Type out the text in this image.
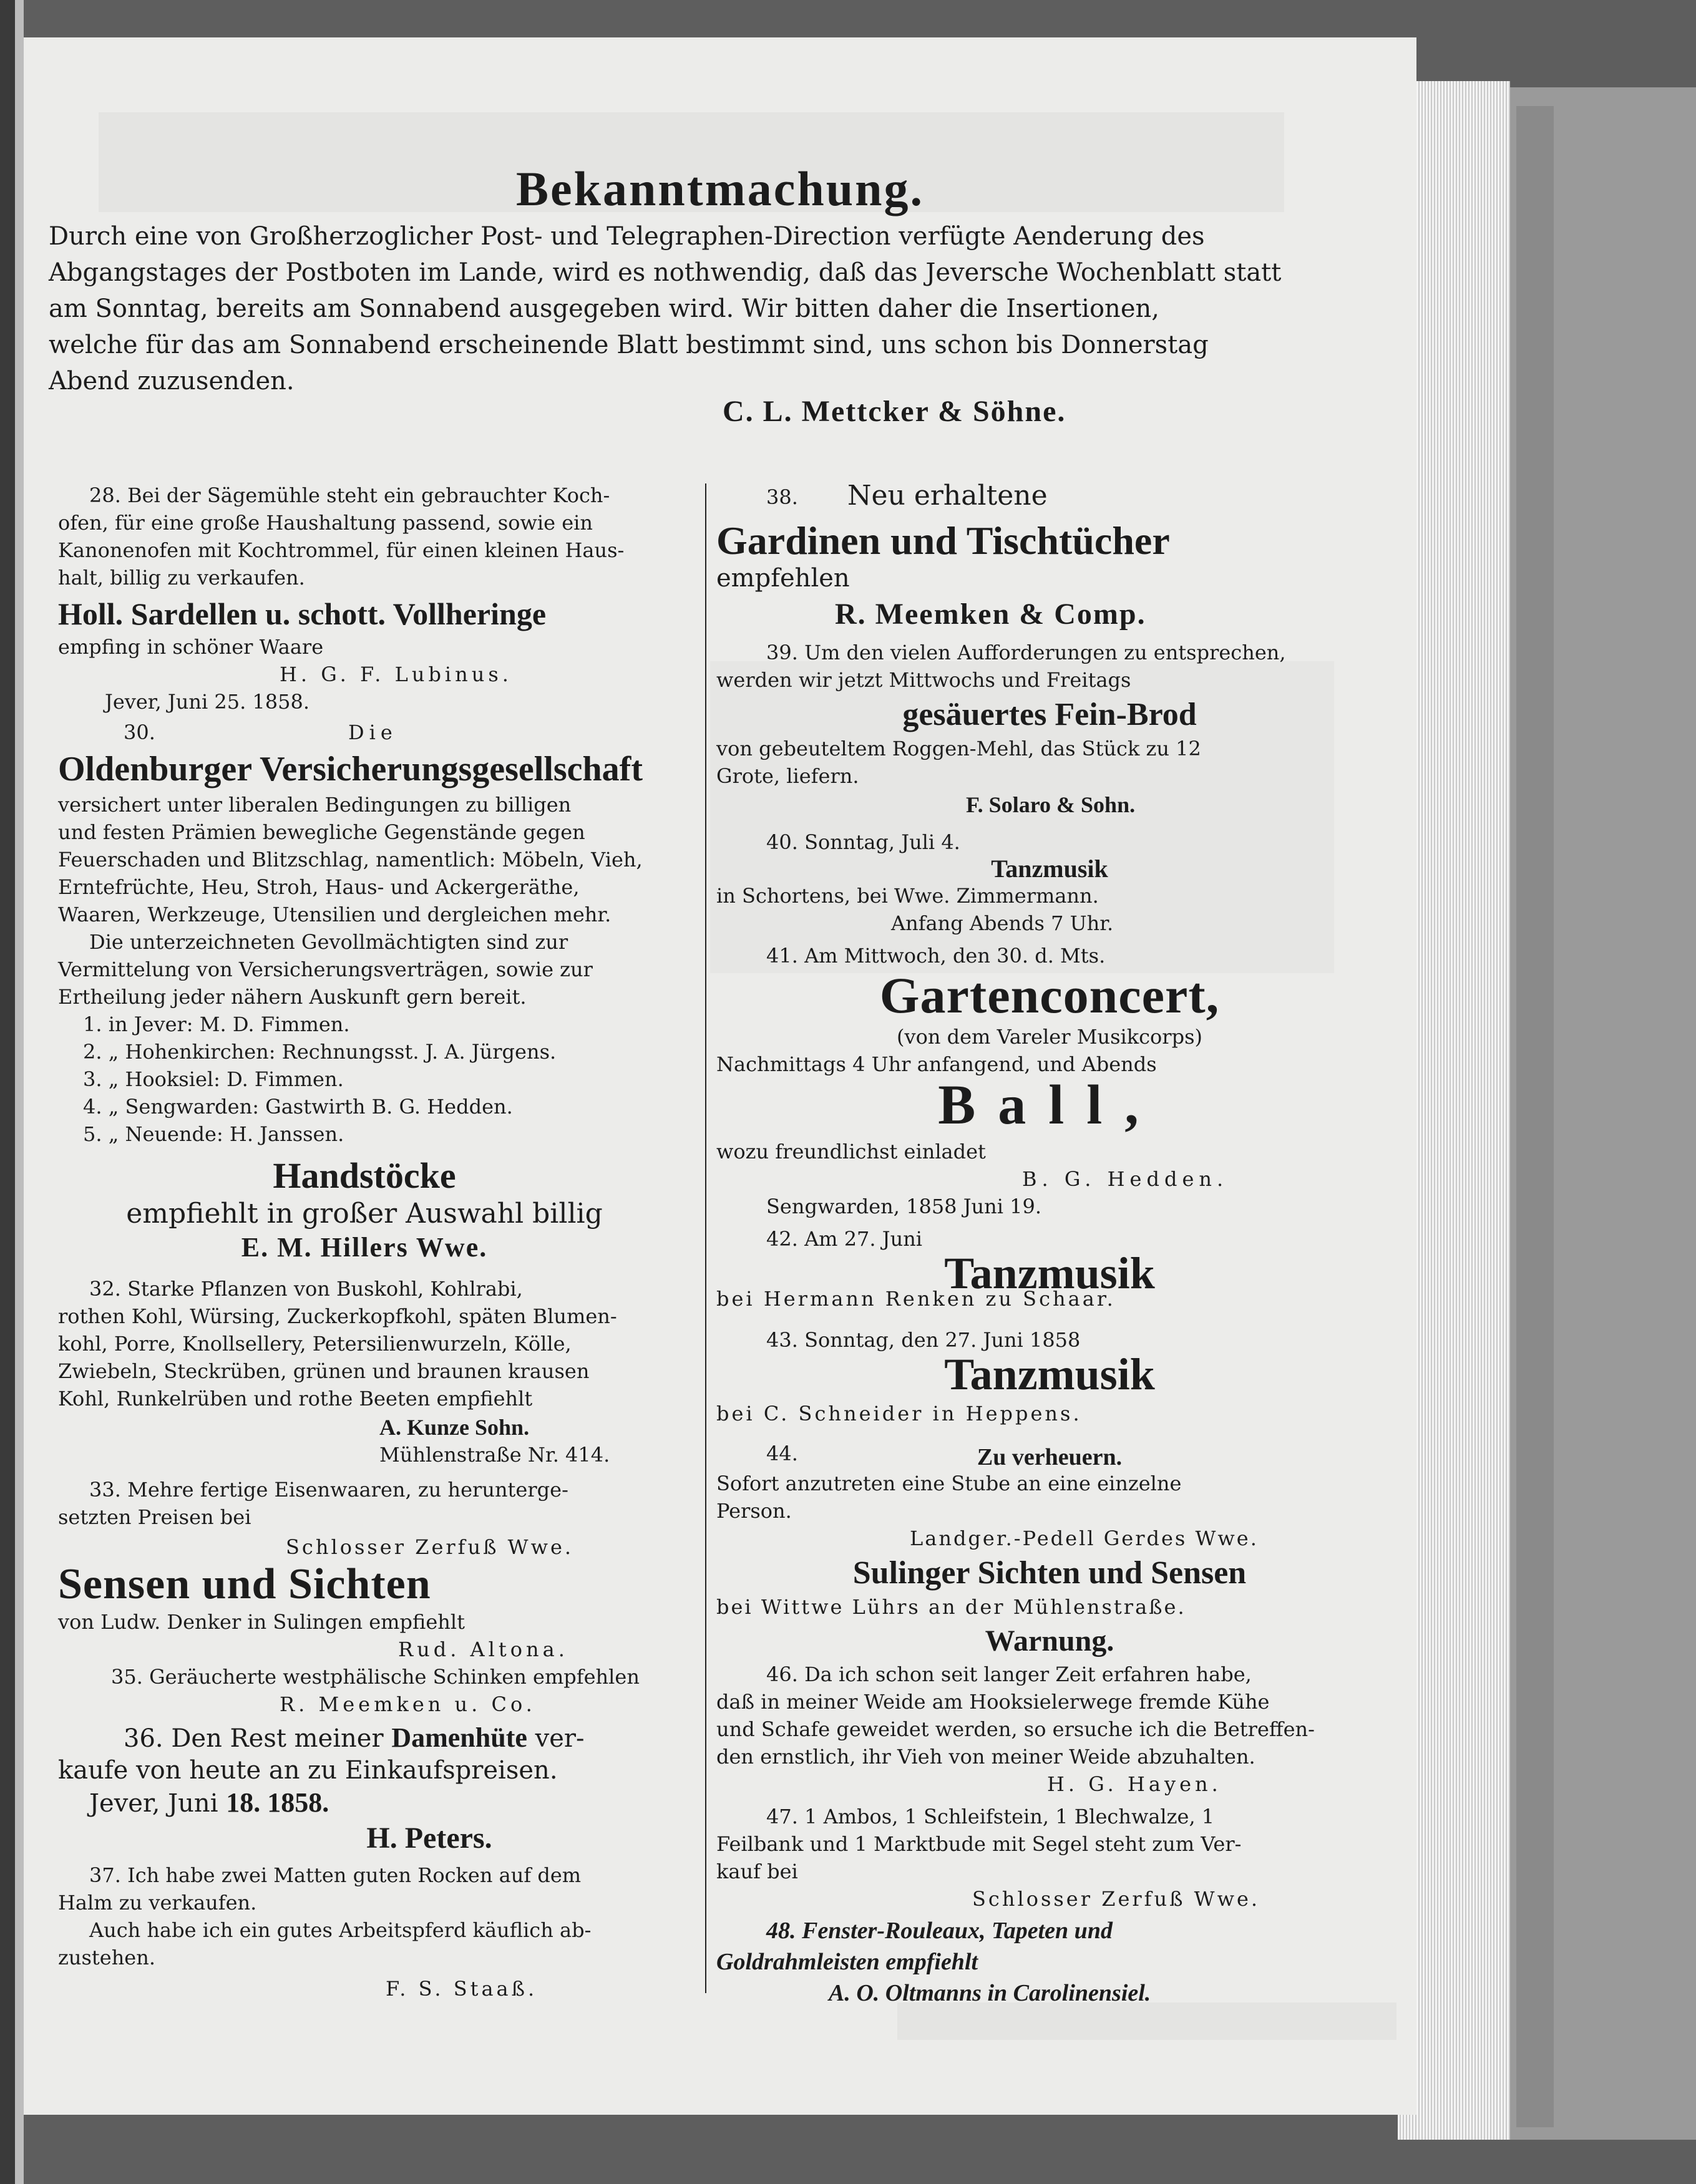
Bekanntmachung.
Durch eine von Großherzoglicher Post- und Telegraphen-Direction verfügte Aenderung des
Abgangstages der Postboten im Lande, wird es nothwendig, daß das Jeversche Wochenblatt statt
am Sonntag, bereits am Sonnabend ausgegeben wird. Wir bitten daher die Insertionen,
welche für das am Sonnabend erscheinende Blatt bestimmt sind, uns schon bis Donnerstag
Abend zuzusenden.
C. L. Mettcker & Söhne.
28. Bei der Sägemühle steht ein gebrauchter Koch-
ofen, für eine große Haushaltung passend, sowie ein
Kanonenofen mit Kochtrommel, für einen kleinen Haus-
halt, billig zu verkaufen.
Holl. Sardellen u. schott. Vollheringe
empfing in schöner Waare
H. G. F. Lubinus.
Jever, Juni 25. 1858.
30.	Die
Oldenburger Versicherungsgesellschaft
versichert unter liberalen Bedingungen zu billigen
und festen Prämien bewegliche Gegenstände gegen
Feuerschaden und Blitzschlag, namentlich: Möbeln, Vieh,
Erntefrüchte, Heu, Stroh, Haus- und Ackergeräthe,
Waaren, Werkzeuge, Utensilien und dergleichen mehr.
Die unterzeichneten Gevollmächtigten sind zur
Vermittelung von Versicherungsverträgen, sowie zur
Ertheilung jeder nähern Auskunft gern bereit.
1. in Jever: M. D. Fimmen.
2. „ Hohenkirchen: Rechnungsst. J. A. Jürgens.
3. „ Hooksiel: D. Fimmen.
4. „ Sengwarden: Gastwirth B. G. Hedden.
5. „ Neuende: H. Janssen.
Handstöcke
empfiehlt in großer Auswahl billig
E. M. Hillers Wwe.
32. Starke Pflanzen von Buskohl, Kohlrabi,
rothen Kohl, Würsing, Zuckerkopfkohl, späten Blumen-
kohl, Porre, Knollsellery, Petersilienwurzeln, Kölle,
Zwiebeln, Steckrüben, grünen und braunen krausen
Kohl, Runkelrüben und rothe Beeten empfiehlt
A. Kunze Sohn.
Mühlenstraße Nr. 414.
33. Mehre fertige Eisenwaaren, zu herunterge-
setzten Preisen bei
Schlosser Zerfuß Wwe.
Sensen und Sichten
von Ludw. Denker in Sulingen empfiehlt
Rud. Altona.
35. Geräucherte westphälische Schinken empfehlen
R. Meemken u. Co.
36. Den Rest meiner Damenhüte ver-
kaufe von heute an zu Einkaufspreisen.
Jever, Juni 18. 1858.
H. Peters.
37. Ich habe zwei Matten guten Rocken auf dem
Halm zu verkaufen.
Auch habe ich ein gutes Arbeitspferd käuflich ab-
zustehen.
F. S. Staaß.
38. Neu erhaltene
Gardinen und Tischtücher
empfehlen
R. Meemken & Comp.
39. Um den vielen Aufforderungen zu entsprechen,
werden wir jetzt Mittwochs und Freitags
gesäuertes Fein-Brod
von gebeuteltem Roggen-Mehl, das Stück zu 12
Grote, liefern.
F. Solaro & Sohn.
40. Sonntag, Juli 4.
Tanzmusik
in Schortens, bei Wwe. Zimmermann.
Anfang Abends 7 Uhr.
41. Am Mittwoch, den 30. d. Mts.
Gartenconcert,
(von dem Vareler Musikcorps)
Nachmittags 4 Uhr anfangend, und Abends
Ball,
wozu freundlichst einladet
B. G. Hedden.
Sengwarden, 1858 Juni 19.
42. Am 27. Juni
Tanzmusik
bei Hermann Renken zu Schaar.
43. Sonntag, den 27. Juni 1858
Tanzmusik
bei C. Schneider in Heppens.
44.	Zu verheuern.
Sofort anzutreten eine Stube an eine einzelne
Person.
Landger.-Pedell Gerdes Wwe.
Sulinger Sichten und Sensen
bei Wittwe Lührs an der Mühlenstraße.
Warnung.
46. Da ich schon seit langer Zeit erfahren habe,
daß in meiner Weide am Hooksielerwege fremde Kühe
und Schafe geweidet werden, so ersuche ich die Betreffen-
den ernstlich, ihr Vieh von meiner Weide abzuhalten.
H. G. Hayen.
47. 1 Ambos, 1 Schleifstein, 1 Blechwalze, 1
Feilbank und 1 Marktbude mit Segel steht zum Ver-
kauf bei
Schlosser Zerfuß Wwe.
48. Fenster-Rouleaux, Tapeten und
Goldrahmleisten empfiehlt
A. O. Oltmanns in Carolinensiel.
